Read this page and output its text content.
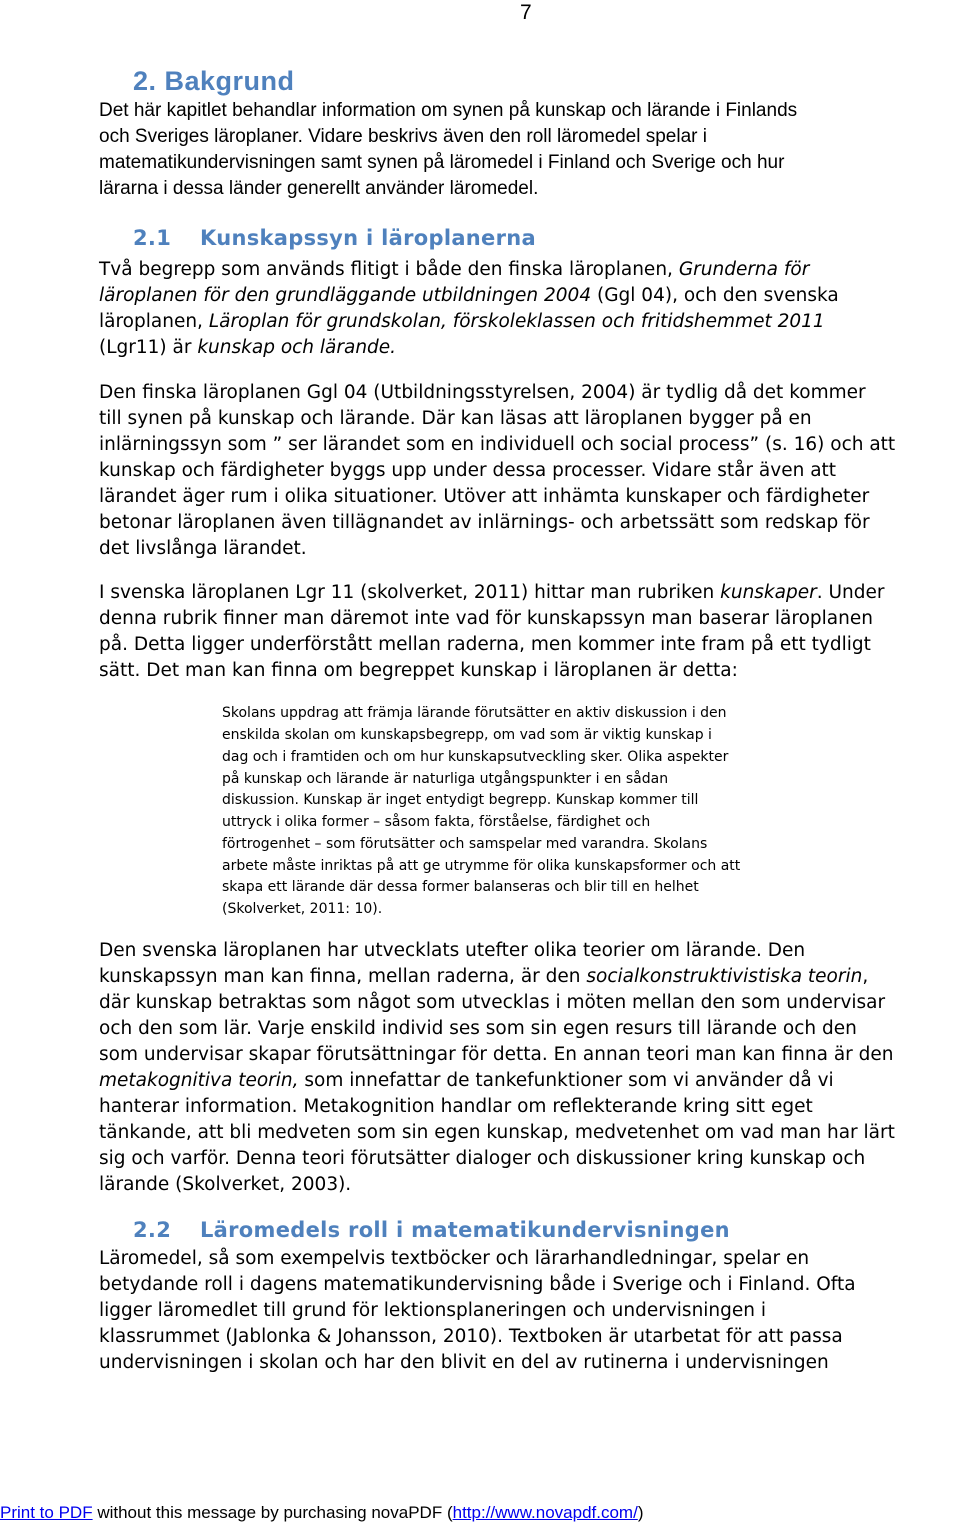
7
2. Bakgrund
Det här kapitlet behandlar information om synen på kunskap och lärande i Finlands
och Sveriges läroplaner. Vidare beskrivs även den roll läromedel spelar i
matematikundervisningen samt synen på läromedel i Finland och Sverige och hur
lärarna i dessa länder generellt använder läromedel.
2.1 Kunskapssyn i läroplanerna
Två begrepp som används flitigt i både den finska läroplanen, Grunderna för
läroplanen för den grundläggande utbildningen 2004 (Ggl 04), och den svenska
läroplanen, Läroplan för grundskolan, förskoleklassen och fritidshemmet 2011
(Lgr11) är kunskap och lärande.
Den finska läroplanen Ggl 04 (Utbildningsstyrelsen, 2004) är tydlig då det kommer
till synen på kunskap och lärande. Där kan läsas att läroplanen bygger på en
inlärningssyn som ” ser lärandet som en individuell och social process” (s. 16) och att
kunskap och färdigheter byggs upp under dessa processer. Vidare står även att
lärandet äger rum i olika situationer. Utöver att inhämta kunskaper och färdigheter
betonar läroplanen även tillägnandet av inlärnings- och arbetssätt som redskap för
det livslånga lärandet.
I svenska läroplanen Lgr 11 (skolverket, 2011) hittar man rubriken kunskaper. Under
denna rubrik finner man däremot inte vad för kunskapssyn man baserar läroplanen
på. Detta ligger underförstått mellan raderna, men kommer inte fram på ett tydligt
sätt. Det man kan finna om begreppet kunskap i läroplanen är detta:
Skolans uppdrag att främja lärande förutsätter en aktiv diskussion i den
enskilda skolan om kunskapsbegrepp, om vad som är viktig kunskap i
dag och i framtiden och om hur kunskapsutveckling sker. Olika aspekter
på kunskap och lärande är naturliga utgångspunkter i en sådan
diskussion. Kunskap är inget entydigt begrepp. Kunskap kommer till
uttryck i olika former – såsom fakta, förståelse, färdighet och
förtrogenhet – som förutsätter och samspelar med varandra. Skolans
arbete måste inriktas på att ge utrymme för olika kunskapsformer och att
skapa ett lärande där dessa former balanseras och blir till en helhet
(Skolverket, 2011: 10).
Den svenska läroplanen har utvecklats utefter olika teorier om lärande. Den
kunskapssyn man kan finna, mellan raderna, är den socialkonstruktivistiska teorin,
där kunskap betraktas som något som utvecklas i möten mellan den som undervisar
och den som lär. Varje enskild individ ses som sin egen resurs till lärande och den
som undervisar skapar förutsättningar för detta. En annan teori man kan finna är den
metakognitiva teorin, som innefattar de tankefunktioner som vi använder då vi
hanterar information. Metakognition handlar om reflekterande kring sitt eget
tänkande, att bli medveten som sin egen kunskap, medvetenhet om vad man har lärt
sig och varför. Denna teori förutsätter dialoger och diskussioner kring kunskap och
lärande (Skolverket, 2003).
2.2 Läromedels roll i matematikundervisningen
Läromedel, så som exempelvis textböcker och lärarhandledningar, spelar en
betydande roll i dagens matematikundervisning både i Sverige och i Finland. Ofta
ligger läromedlet till grund för lektionsplaneringen och undervisningen i
klassrummet (Jablonka & Johansson, 2010). Textboken är utarbetat för att passa
undervisningen i skolan och har den blivit en del av rutinerna i undervisningen
Print to PDF without this message by purchasing novaPDF (http://www.novapdf.com/)
